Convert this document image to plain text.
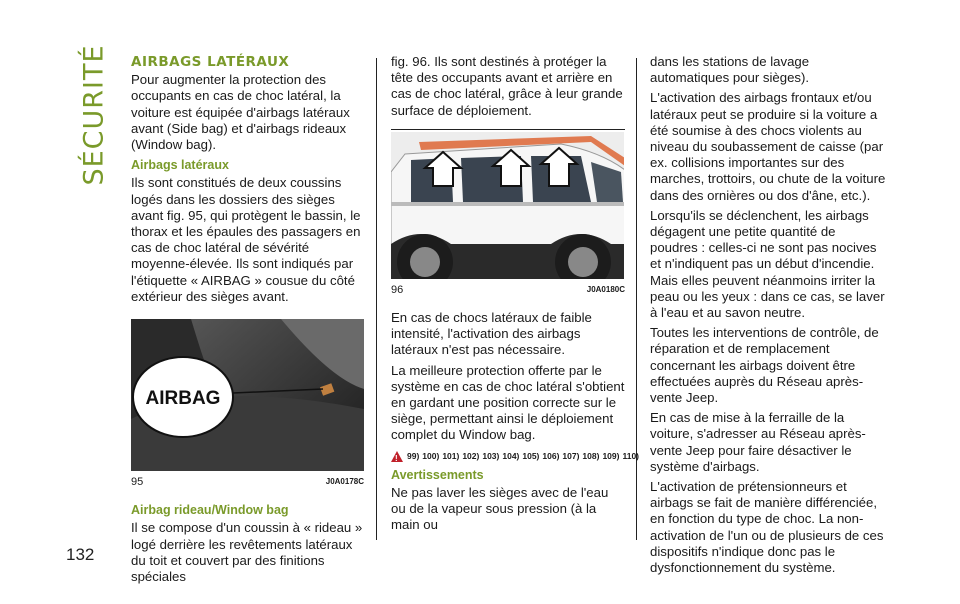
SÉCURITÉ
132
AIRBAGS LATÉRAUX

Pour augmenter la protection des occupants en cas de choc latéral, la voiture est équipée d'airbags latéraux avant (Side bag) et d'airbags rideaux (Window bag).

Airbags latéraux

Ils sont constitués de deux coussins logés dans les dossiers des sièges avant fig. 95, qui protègent le bassin, le thorax et les épaules des passagers en cas de choc latéral de sévérité moyenne-élevée. Ils sont indiqués par l'étiquette « AIRBAG » cousue du côté extérieur des sièges avant.

AIRBAG
95	J0A0178C
Airbag rideau/Window bag

Il se compose d'un coussin à « rideau » logé derrière les revêtements latéraux du toit et couvert par des finitions spéciales

fig. 96. Ils sont destinés à protéger la tête des occupants avant et arrière en cas de choc latéral, grâce à leur grande surface de déploiement.

96	J0A0180C

En cas de chocs latéraux de faible intensité, l'activation des airbags latéraux n'est pas nécessaire.

La meilleure protection offerte par le système en cas de choc latéral s'obtient en gardant une position correcte sur le siège, permettant ainsi le déploiement complet du Window bag.

!
99) 100) 101) 102) 103) 104) 105) 106) 107) 108) 109) 110)
Avertissements

Ne pas laver les sièges avec de l'eau ou de la vapeur sous pression (à la main ou

dans les stations de lavage automatiques pour sièges).

L'activation des airbags frontaux et/ou latéraux peut se produire si la voiture a été soumise à des chocs violents au niveau du soubassement de caisse (par ex. collisions importantes sur des marches, trottoirs, ou chute de la voiture dans des ornières ou dos d'âne, etc.).

Lorsqu'ils se déclenchent, les airbags dégagent une petite quantité de poudres : celles-ci ne sont pas nocives et n'indiquent pas un début d'incendie. Mais elles peuvent néanmoins irriter la peau ou les yeux : dans ce cas, se laver à l'eau et au savon neutre.

Toutes les interventions de contrôle, de réparation et de remplacement concernant les airbags doivent être effectuées auprès du Réseau après-vente Jeep.

En cas de mise à la ferraille de la voiture, s'adresser au Réseau après-vente Jeep pour faire désactiver le système d'airbags.

L'activation de prétensionneurs et airbags se fait de manière différenciée, en fonction du type de choc. La non-activation de l'un ou de plusieurs de ces dispositifs n'indique donc pas le dysfonctionnement du système.
